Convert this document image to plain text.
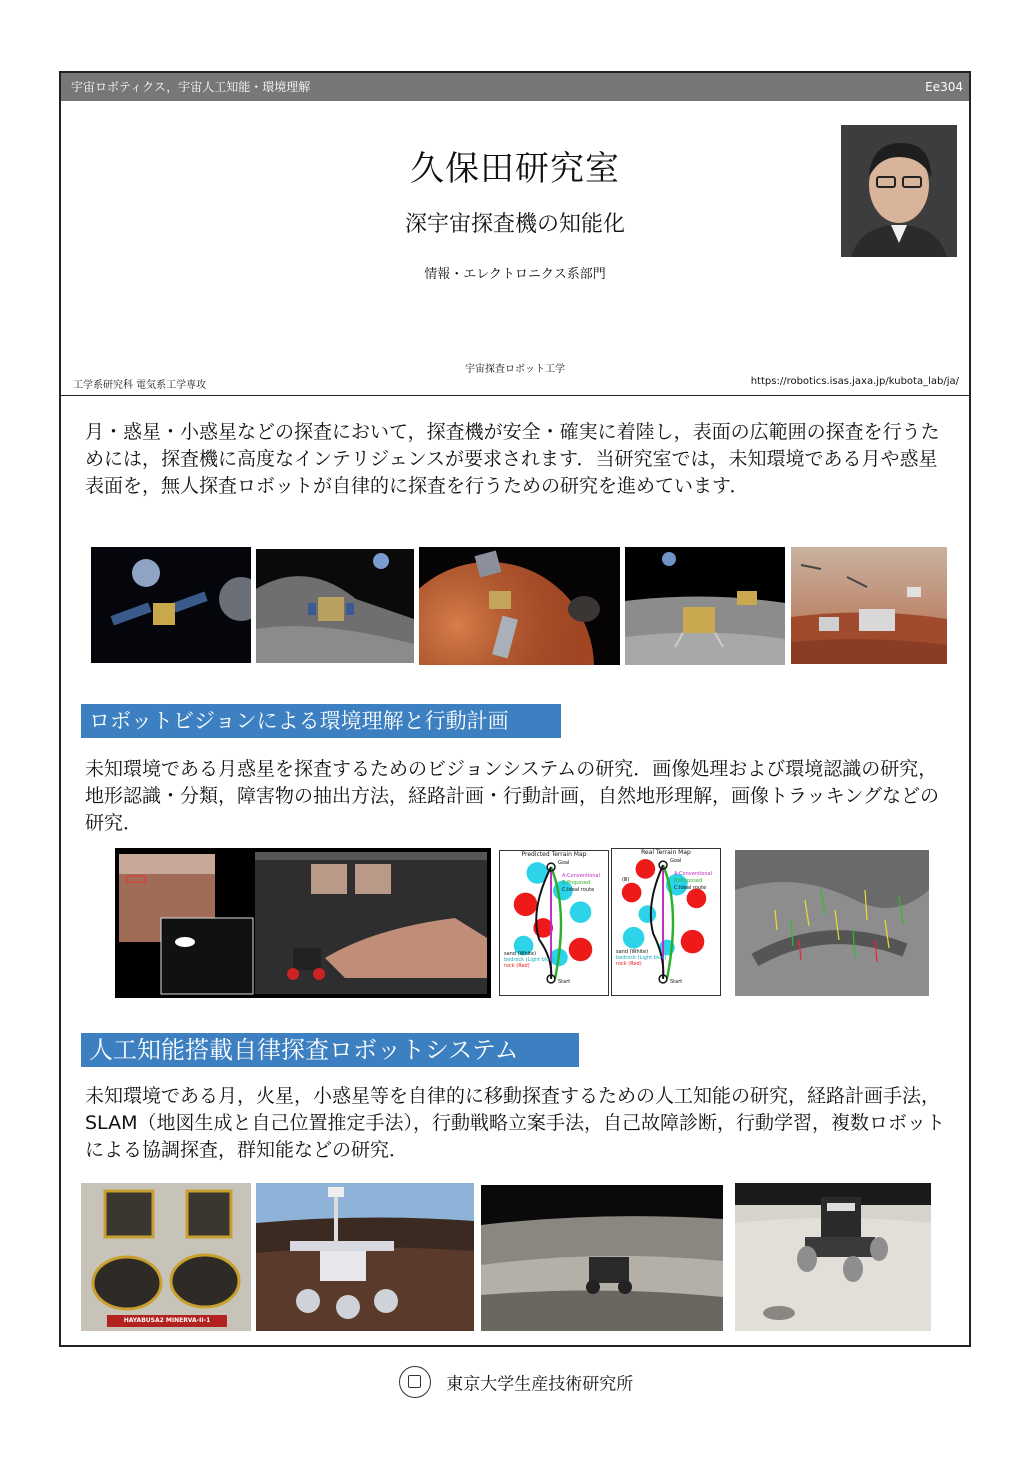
宇宙ロボティクス，宇宙人工知能・環境理解	Ee304
久保田研究室
深宇宙探査機の知能化
情報・エレクトロニクス系部門
宇宙探査ロボット工学
工学系研究科 電気系工学専攻	https://robotics.isas.jaxa.jp/kubota_lab/ja/

月・惑星・小惑星などの探査において，探査機が安全・確実に着陸し，表面の広範囲の探査を行うためには，探査機に高度なインテリジェンスが要求されます．当研究室では，未知環境である月や惑星表面を，無人探査ロボットが自律的に探査を行うための研究を進めています．

ロボットビジョンによる環境理解と行動計画

未知環境である月惑星を探査するためのビジョンシステムの研究．画像処理および環境認識の研究，地形認識・分類，障害物の抽出方法，経路計画・行動計画，自然地形理解，画像トラッキングなどの研究．

Predicted Terrain Map
Goal
A:Conventional
B:Proposed
C:Ideal route
sand (White)
bedrock (Light blue)
rock (Red)
Start
Real Terrain Map
Goal
(Ⅲ)
A:Conventional
B:Proposed
C:Ideal route
sand (White)
bedrock (Light blue)
rock (Red)
Start
人工知能搭載自律探査ロボットシステム

未知環境である月，火星，小惑星等を自律的に移動探査するための人工知能の研究，経路計画手法，SLAM（地図生成と自己位置推定手法），行動戦略立案手法，自己故障診断，行動学習，複数ロボットによる協調探査，群知能などの研究．

HAYABUSA2 MINERVA-II-1
東京大学生産技術研究所
